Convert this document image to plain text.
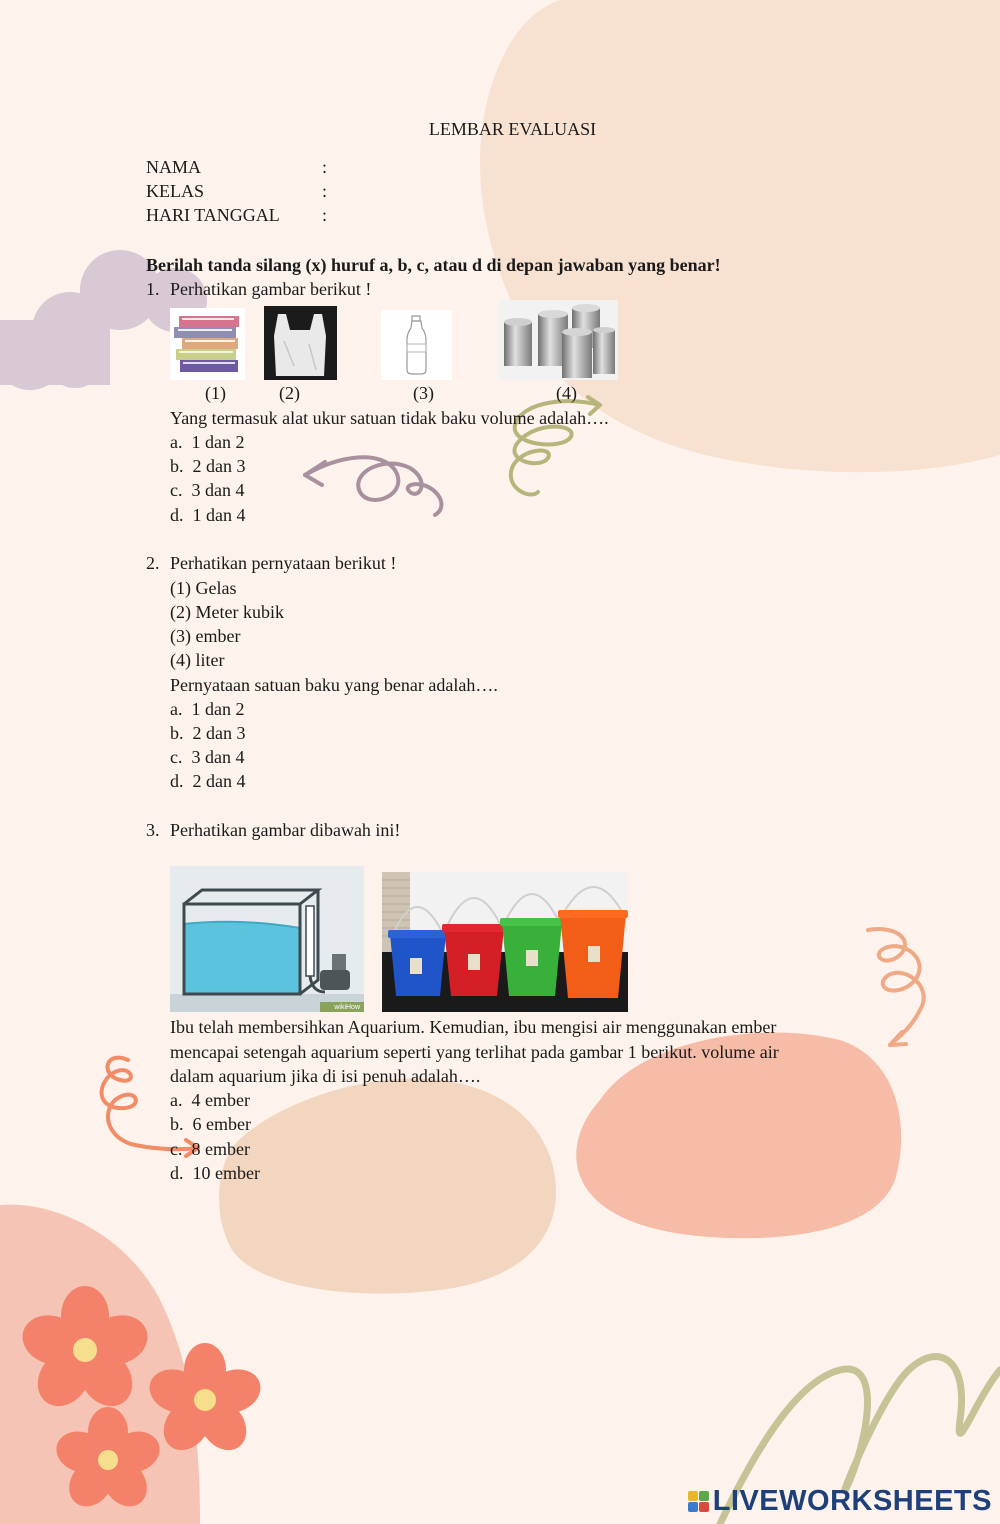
LEMBAR EVALUASI
NAMA	:
KELAS	:
HARI TANGGAL :
Berilah tanda silang (x) huruf a, b, c, atau d di depan jawaban yang benar!
1. Perhatikan gambar berikut !
(1)	(2)	(3)	(4)
Yang termasuk alat ukur satuan tidak baku volume adalah….
a. 1 dan 2
b. 2 dan 3
c. 3 dan 4
d. 1 dan 4
2. Perhatikan pernyataan berikut !
(1) Gelas
(2) Meter kubik
(3) ember
(4) liter
Pernyataan satuan baku yang benar adalah….
a. 1 dan 2
b. 2 dan 3
c. 3 dan 4
d. 2 dan 4
3. Perhatikan gambar dibawah ini!
wikiHow
Ibu telah membersihkan Aquarium. Kemudian, ibu mengisi air menggunakan ember
mencapai setengah aquarium seperti yang terlihat pada gambar 1 berikut. volume air
dalam aquarium jika di isi penuh adalah….
a. 4 ember
b. 6 ember
c. 8 ember
d. 10 ember
LIVEWORKSHEETS
